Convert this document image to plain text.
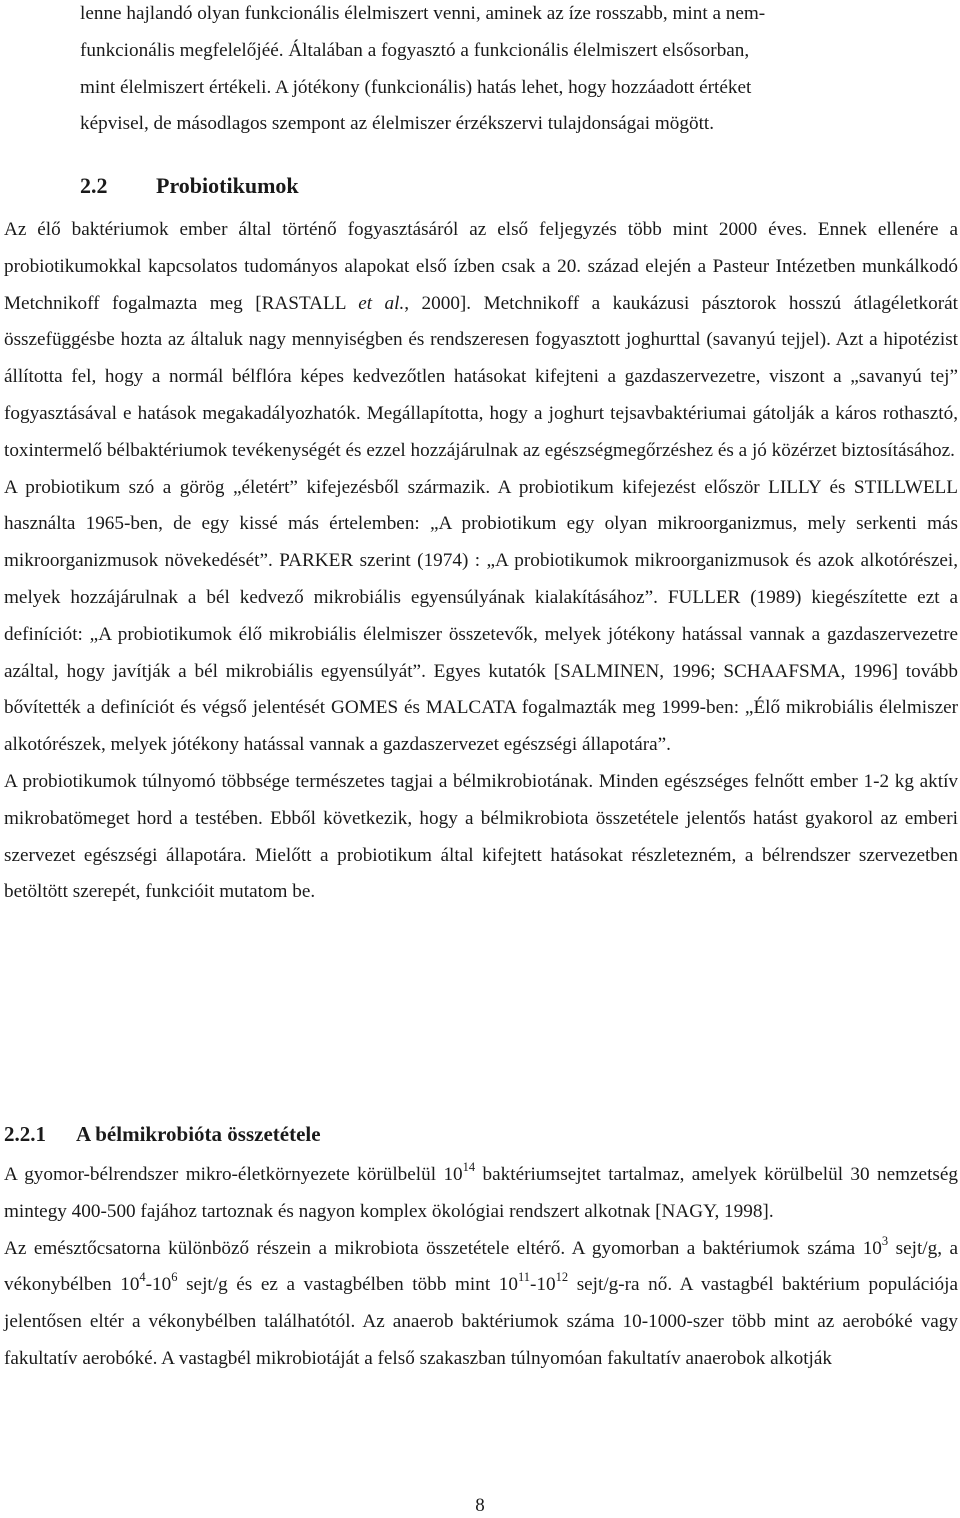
lenne hajlandó olyan funkcionális élelmiszert venni, aminek az íze rosszabb, mint a nem-

funkcionális megfelelőjéé. Általában a fogyasztó a funkcionális élelmiszert elsősorban,

mint élelmiszert értékeli. A jótékony (funkcionális) hatás lehet, hogy hozzáadott értéket

képvisel, de másodlagos szempont az élelmiszer érzékszervi tulajdonságai mögött.

2.2 Probiotikumok

Az élő baktériumok ember által történő fogyasztásáról az első feljegyzés több mint 2000 éves. Ennek ellenére a probiotikumokkal kapcsolatos tudományos alapokat első ízben csak a 20. század elején a Pasteur Intézetben munkálkodó Metchnikoff fogalmazta meg [RASTALL et al., 2000]. Metchnikoff a kaukázusi pásztorok hosszú átlagéletkorát összefüggésbe hozta az általuk nagy mennyiségben és rendszeresen fogyasztott joghurttal (savanyú tejjel). Azt a hipotézist állította fel, hogy a normál bélflóra képes kedvezőtlen hatásokat kifejteni a gazdaszervezetre, viszont a „savanyú tej” fogyasztásával e hatások megakadályozhatók. Megállapította, hogy a joghurt tejsavbaktériumai gátolják a káros rothasztó, toxintermelő bélbaktériumok tevékenységét és ezzel hozzájárulnak az egészségmegőrzéshez és a jó közérzet biztosításához.

A probiotikum szó a görög „életért” kifejezésből származik. A probiotikum kifejezést először LILLY és STILLWELL használta 1965-ben, de egy kissé más értelemben: „A probiotikum egy olyan mikroorganizmus, mely serkenti más mikroorganizmusok növekedését”. PARKER szerint (1974) : „A probiotikumok mikroorganizmusok és azok alkotórészei, melyek hozzájárulnak a bél kedvező mikrobiális egyensúlyának kialakításához”. FULLER (1989) kiegészítette ezt a definíciót: „A probiotikumok élő mikrobiális élelmiszer összetevők, melyek jótékony hatással vannak a gazdaszervezetre azáltal, hogy javítják a bél mikrobiális egyensúlyát”. Egyes kutatók [SALMINEN, 1996; SCHAAFSMA, 1996] tovább bővítették a definíciót és végső jelentését GOMES és MALCATA fogalmazták meg 1999-ben: „Élő mikrobiális élelmiszer alkotórészek, melyek jótékony hatással vannak a gazdaszervezet egészségi állapotára”.

A probiotikumok túlnyomó többsége természetes tagjai a bélmikrobiotának. Minden egészséges felnőtt ember 1-2 kg aktív mikrobatömeget hord a testében. Ebből következik, hogy a bélmikrobiota összetétele jelentős hatást gyakorol az emberi szervezet egészségi állapotára. Mielőtt a probiotikum által kifejtett hatásokat részletezném, a bélrendszer szervezetben betöltött szerepét, funkcióit mutatom be.

2.2.1 A bélmikrobióta összetétele

A gyomor-bélrendszer mikro-életkörnyezete körülbelül $10^{14}$ baktériumsejtet tartalmaz, amelyek körülbelül 30 nemzetség mintegy 400-500 fajához tartoznak és nagyon komplex ökológiai rendszert alkotnak [NAGY, 1998].

Az emésztőcsatorna különböző részein a mikrobiota összetétele eltérő. A gyomorban a baktériumok száma $10^3$ sejt/g, a vékonybélben $10^4-10^6$ sejt/g és ez a vastagbélben több mint $10^{11}-10^{12}$ sejt/g-ra nő. A vastagbél baktérium populációja jelentősen eltér a vékonybélben találhatótól. Az anaerob baktériumok száma 10-1000-szer több mint az aerobóké vagy fakultatív aerobóké. A vastagbél mikrobiotáját a felső szakaszban túlnyomóan fakultatív anaerobok alkotják

8
